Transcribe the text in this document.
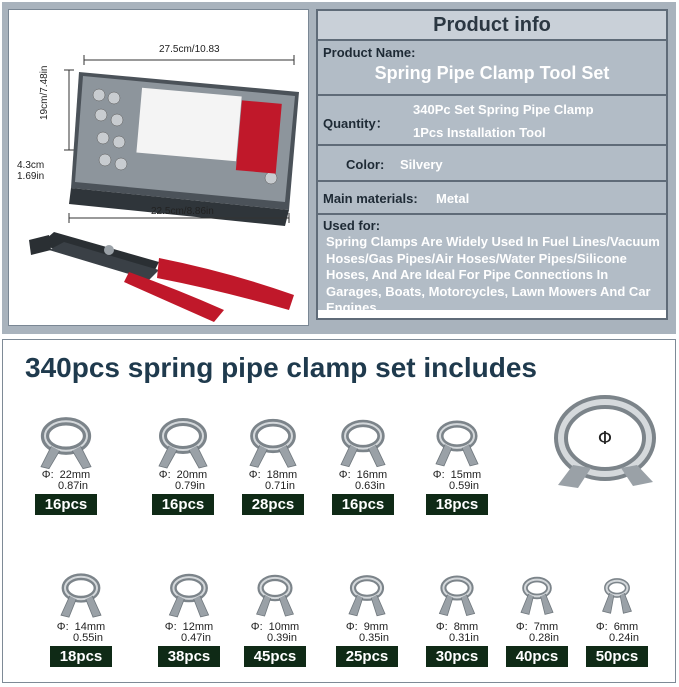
27.5cm/10.83
19cm/7.48in
4.3cm
1.69in
22.5cm/8.86in
Product info
Product Name:
Spring Pipe Clamp Tool Set
Quantity：
340Pc Set Spring Pipe Clamp
1Pcs Installation Tool
Color: Silvery
Main materials: Metal
Used for:
Spring Clamps Are Widely Used In Fuel Lines/Vacuum Hoses/Gas Pipes/Air Hoses/Water Pipes/Silicone Hoses, And Are Ideal For Pipe Connections In Garages, Boats, Motorcycles, Lawn Mowers And Car Engines
340pcs spring pipe clamp set includes
Φ
Φ: 22mm
0.87in
16pcs
Φ: 20mm
0.79in
16pcs
Φ: 18mm
0.71in
28pcs
Φ: 16mm
0.63in
16pcs
Φ: 15mm
0.59in
18pcs
Φ: 14mm
0.55in
18pcs
Φ: 12mm
0.47in
38pcs
Φ: 10mm
0.39in
45pcs
Φ: 9mm
0.35in
25pcs
Φ: 8mm
0.31in
30pcs
Φ: 7mm
0.28in
40pcs
Φ: 6mm
0.24in
50pcs
